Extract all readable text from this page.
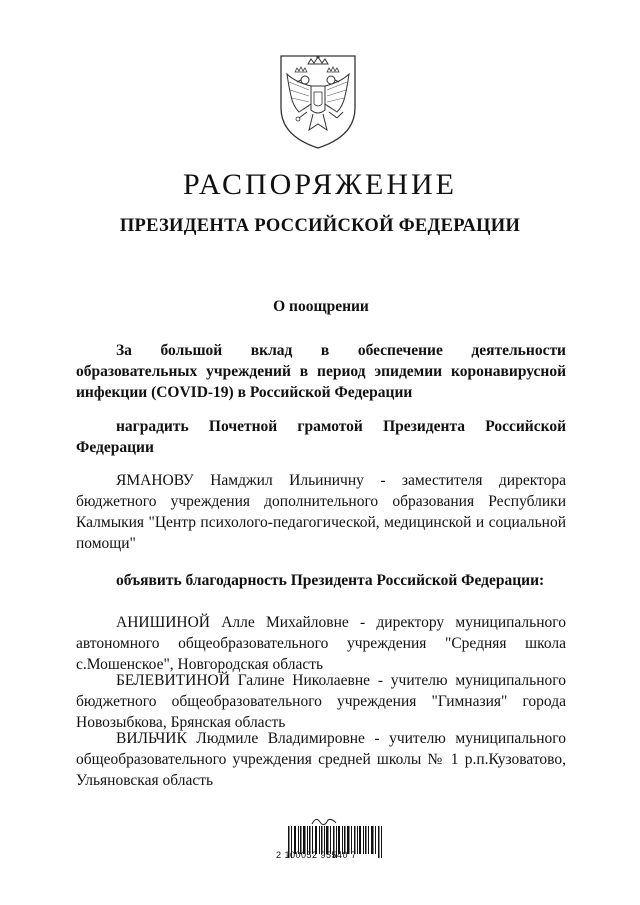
РАСПОРЯЖЕНИЕ
ПРЕЗИДЕНТА РОССИЙСКОЙ ФЕДЕРАЦИИ
О поощрении
За большой вклад в обеспечение деятельности образовательных учреждений в период эпидемии коронавирусной инфекции (COVID-19) в Российской Федерации
наградить Почетной грамотой Президента Российской Федерации
ЯМАНОВУ Намджил Ильиничну - заместителя директора бюджетного учреждения дополнительного образования Республики Калмыкия "Центр психолого-педагогической, медицинской и социальной помощи"
объявить благодарность Президента Российской Федерации:
АНИШИНОЙ Алле Михайловне - директору муниципального автономного общеобразовательного учреждения "Средняя школа с.Мошенское", Новгородская область
БЕЛЕВИТИНОЙ Галине Николаевне - учителю муниципального бюджетного общеобразовательного учреждения "Гимназия" города Новозыбкова, Брянская область
ВИЛЬЧИК Людмиле Владимировне - учителю муниципального общеобразовательного учреждения средней школы № 1 р.п.Кузоватово, Ульяновская область
2 100052 95540 7
